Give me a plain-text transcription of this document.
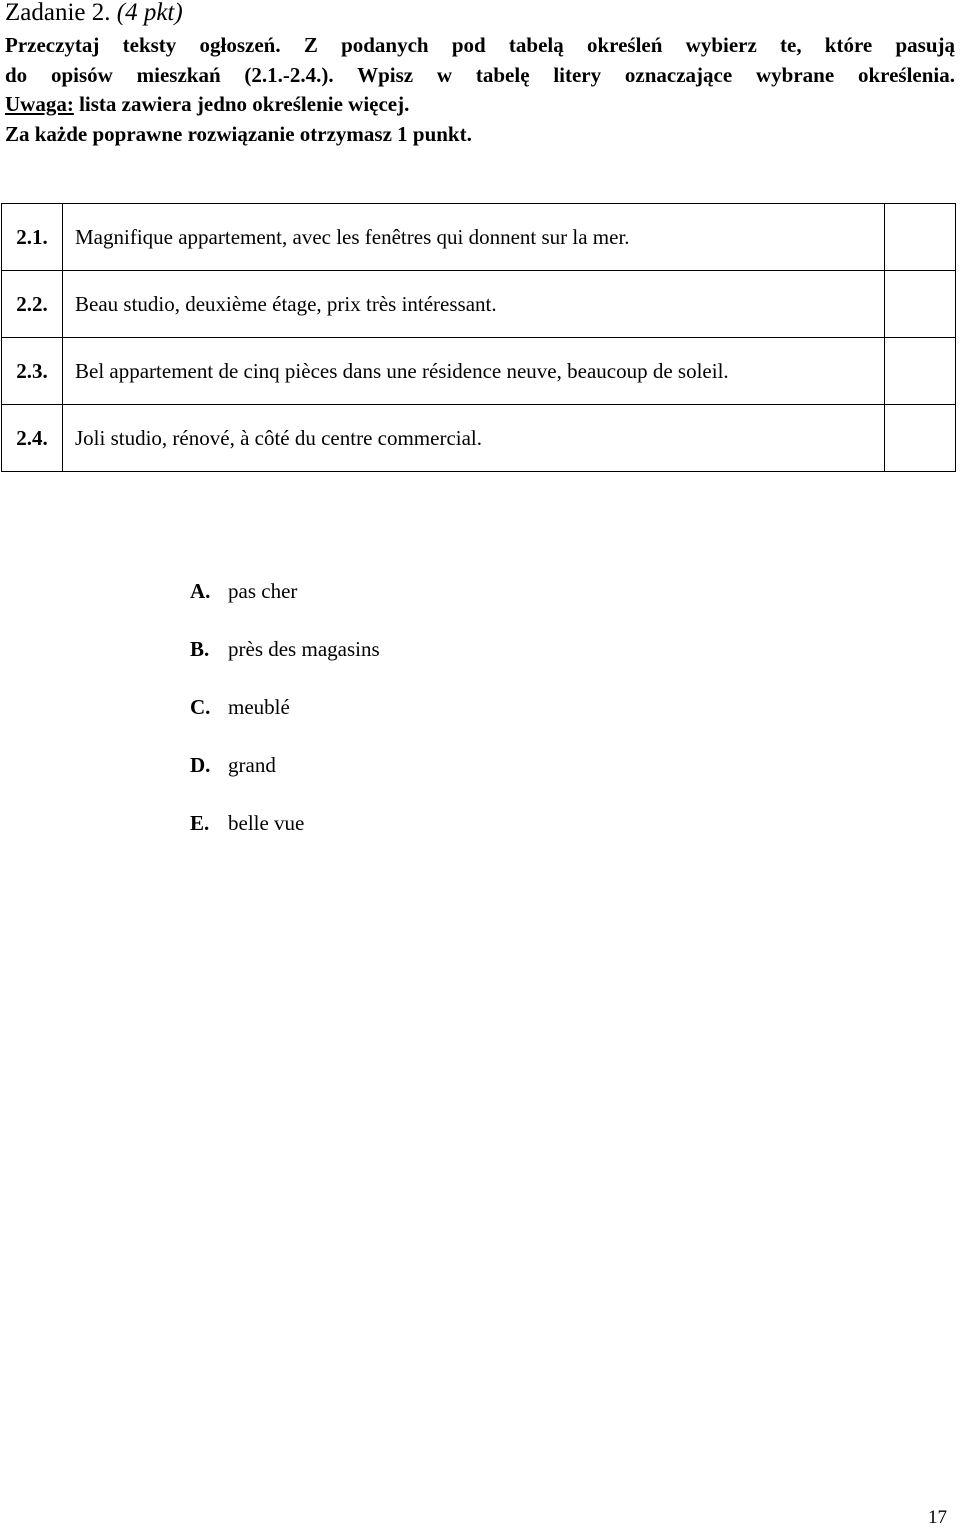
Zadanie 2. (4 pkt)

Przeczytaj teksty ogłoszeń. Z podanych pod tabelą określeń wybierz te, które pasują

do opisów mieszkań (2.1.-2.4.). Wpisz w tabelę litery oznaczające wybrane określenia.

Uwaga: lista zawiera jedno określenie więcej.

Za każde poprawne rozwiązanie otrzymasz 1 punkt.

2.1.	Magnifique appartement, avec les fenêtres qui donnent sur la mer.	
2.2.	Beau studio, deuxième étage, prix très intéressant.	
2.3.	Bel appartement de cinq pièces dans une résidence neuve, beaucoup de soleil.	
2.4.	Joli studio, rénové, à côté du centre commercial.	
A. pas cher
B. près des magasins
C. meublé
D. grand
E. belle vue
17
